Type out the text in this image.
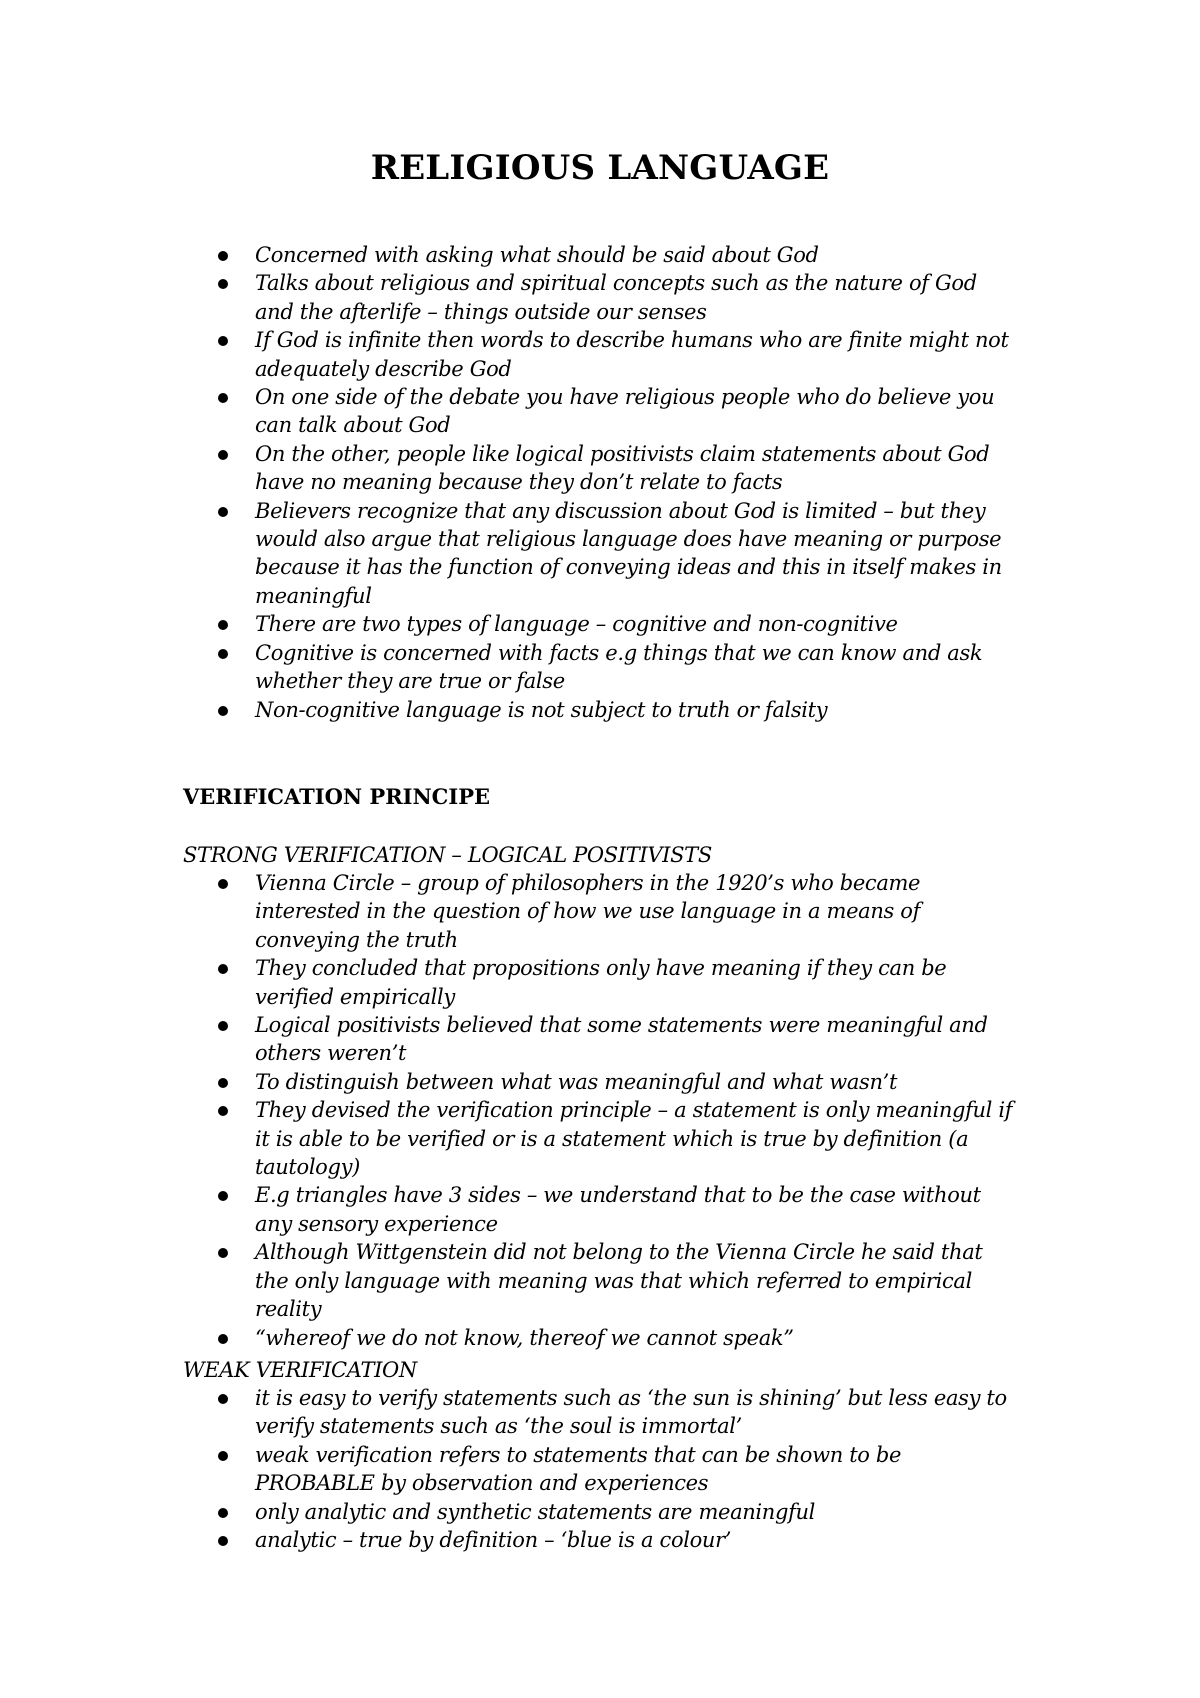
RELIGIOUS LANGUAGE
Concerned with asking what should be said about God
Talks about religious and spiritual concepts such as the nature of God and the afterlife – things outside our senses
If God is infinite then words to describe humans who are finite might not adequately describe God
On one side of the debate you have religious people who do believe you can talk about God
On the other, people like logical positivists claim statements about God have no meaning because they don’t relate to facts
Believers recognize that any discussion about God is limited – but they would also argue that religious language does have meaning or purpose because it has the function of conveying ideas and this in itself makes in meaningful
There are two types of language – cognitive and non-cognitive
Cognitive is concerned with facts e.g things that we can know and ask whether they are true or false
Non-cognitive language is not subject to truth or falsity
VERIFICATION PRINCIPE
STRONG VERIFICATION – LOGICAL POSITIVISTS
Vienna Circle – group of philosophers in the 1920’s who became interested in the question of how we use language in a means of conveying the truth
They concluded that propositions only have meaning if they can be verified empirically
Logical positivists believed that some statements were meaningful and others weren’t
To distinguish between what was meaningful and what wasn’t
They devised the verification principle – a statement is only meaningful if it is able to be verified or is a statement which is true by definition (a tautology)
E.g triangles have 3 sides – we understand that to be the case without any sensory experience
Although Wittgenstein did not belong to the Vienna Circle he said that the only language with meaning was that which referred to empirical reality
“whereof we do not know, thereof we cannot speak”
WEAK VERIFICATION
it is easy to verify statements such as ‘the sun is shining’ but less easy to verify statements such as ‘the soul is immortal’
weak verification refers to statements that can be shown to be PROBABLE by observation and experiences
only analytic and synthetic statements are meaningful
analytic – true by definition – ‘blue is a colour’
